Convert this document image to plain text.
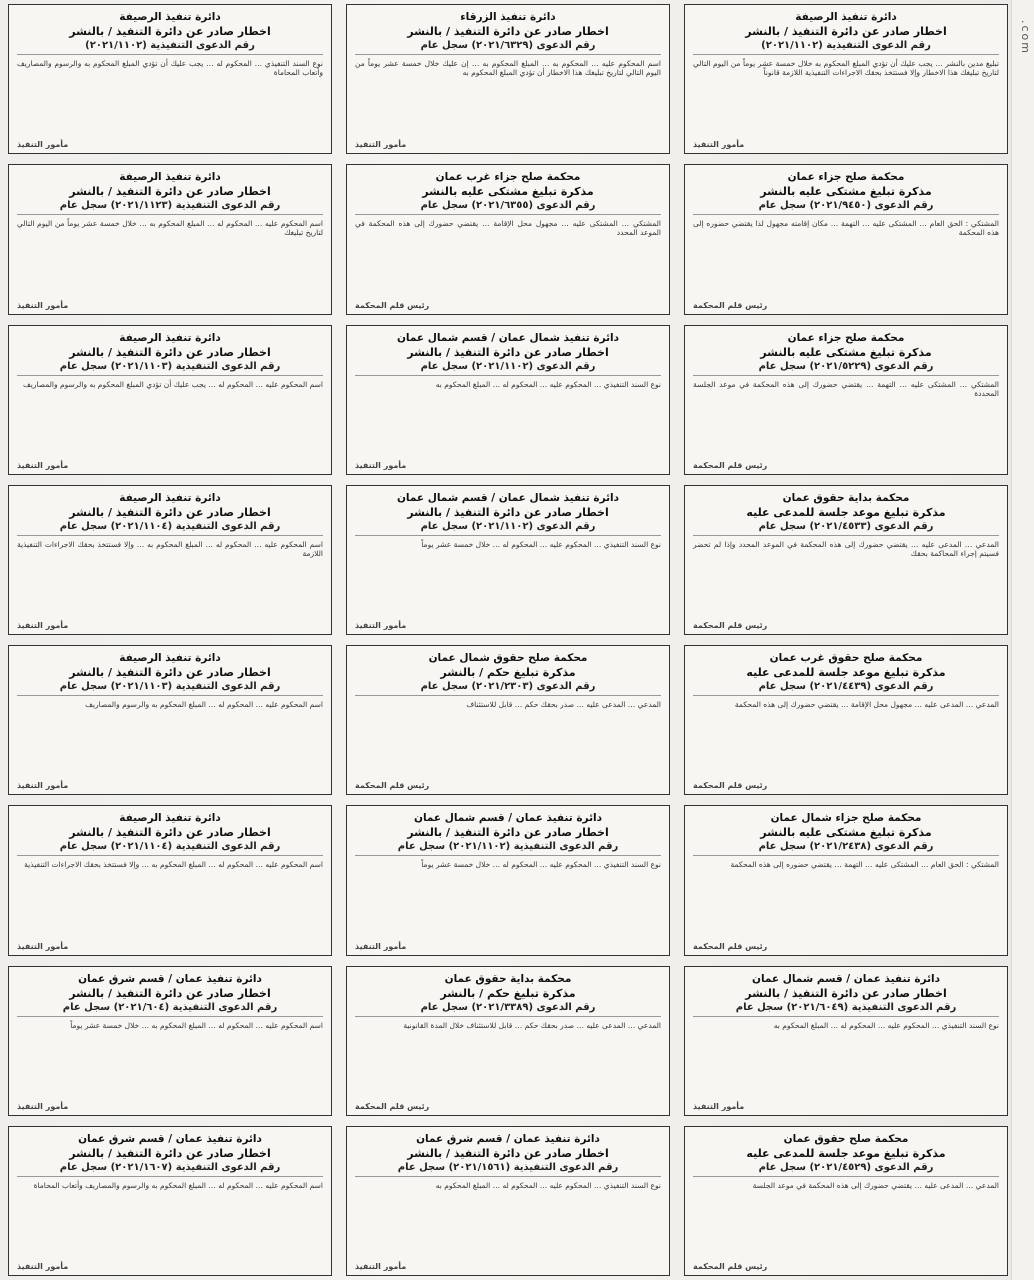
.com
دائرة تنفيذ الرصيفة
اخطار صادر عن دائرة التنفيذ / بالنشر
رقم الدعوى التنفيذية (٢٠٢١/١١٠٢)
تبليغ مدين بالنشر … يجب عليك أن تؤدي المبلغ المحكوم به خلال خمسة عشر يوماً من اليوم التالي لتاريخ تبليغك هذا الاخطار وإلا فستتخذ بحقك الاجراءات التنفيذية اللازمة قانوناً
مأمور التنفيذ
دائرة تنفيذ الزرقاء
اخطار صادر عن دائرة التنفيذ / بالنشر
رقم الدعوى (٢٠٢١/٦٣٢٩) سجل عام
اسم المحكوم عليه … المحكوم به … المبلغ المحكوم به … إن عليك خلال خمسة عشر يوماً من اليوم التالي لتاريخ تبليغك هذا الاخطار أن تؤدي المبلغ المحكوم به
مأمور التنفيذ
دائرة تنفيذ الرصيفة
اخطار صادر عن دائرة التنفيذ / بالنشر
رقم الدعوى التنفيذية (٢٠٢١/١١٠٢)
نوع السند التنفيذي … المحكوم له … يجب عليك أن تؤدي المبلغ المحكوم به والرسوم والمصاريف وأتعاب المحاماة
مأمور التنفيذ
محكمة صلح جزاء عمان
مذكرة تبليغ مشتكى عليه بالنشر
رقم الدعوى (٢٠٢١/٩٤٥٠) سجل عام
المشتكي : الحق العام … المشتكى عليه … التهمة … مكان إقامته مجهول لذا يقتضي حضوره إلى هذه المحكمة
رئيس قلم المحكمة
محكمة صلح جزاء غرب عمان
مذكرة تبليغ مشتكى عليه بالنشر
رقم الدعوى (٢٠٢١/٦٣٥٥) سجل عام
المشتكي … المشتكى عليه … مجهول محل الإقامة … يقتضي حضورك إلى هذه المحكمة في الموعد المحدد
رئيس قلم المحكمة
دائرة تنفيذ الرصيفة
اخطار صادر عن دائرة التنفيذ / بالنشر
رقم الدعوى التنفيذية (٢٠٢١/١١٢٣) سجل عام
اسم المحكوم عليه … المحكوم له … المبلغ المحكوم به … خلال خمسة عشر يوماً من اليوم التالي لتاريخ تبليغك
مأمور التنفيذ
محكمة صلح جزاء عمان
مذكرة تبليغ مشتكى عليه بالنشر
رقم الدعوى (٢٠٢١/٥٢٢٩) سجل عام
المشتكي … المشتكى عليه … التهمة … يقتضي حضورك إلى هذه المحكمة في موعد الجلسة المحددة
رئيس قلم المحكمة
دائرة تنفيذ شمال عمان / قسم شمال عمان
اخطار صادر عن دائرة التنفيذ / بالنشر
رقم الدعوى (٢٠٢١/١١٠٢) سجل عام
نوع السند التنفيذي … المحكوم عليه … المحكوم له … المبلغ المحكوم به
مأمور التنفيذ
دائرة تنفيذ الرصيفة
اخطار صادر عن دائرة التنفيذ / بالنشر
رقم الدعوى التنفيذية (٢٠٢١/١١٠٣) سجل عام
اسم المحكوم عليه … المحكوم له … يجب عليك أن تؤدي المبلغ المحكوم به والرسوم والمصاريف
مأمور التنفيذ
محكمة بداية حقوق عمان
مذكرة تبليغ موعد جلسة للمدعى عليه
رقم الدعوى (٢٠٢١/٤٥٣٣) سجل عام
المدعي … المدعى عليه … يقتضي حضورك إلى هذه المحكمة في الموعد المحدد وإذا لم تحضر فسيتم إجراء المحاكمة بحقك
رئيس قلم المحكمة
دائرة تنفيذ شمال عمان / قسم شمال عمان
اخطار صادر عن دائرة التنفيذ / بالنشر
رقم الدعوى (٢٠٢١/١١٠٢) سجل عام
نوع السند التنفيذي … المحكوم عليه … المحكوم له … خلال خمسة عشر يوماً
مأمور التنفيذ
دائرة تنفيذ الرصيفة
اخطار صادر عن دائرة التنفيذ / بالنشر
رقم الدعوى التنفيذية (٢٠٢١/١١٠٤) سجل عام
اسم المحكوم عليه … المحكوم له … المبلغ المحكوم به … وإلا فستتخذ بحقك الاجراءات التنفيذية اللازمة
مأمور التنفيذ
محكمة صلح حقوق غرب عمان
مذكرة تبليغ موعد جلسة للمدعى عليه
رقم الدعوى (٢٠٢١/٤٤٣٩) سجل عام
المدعي … المدعى عليه … مجهول محل الإقامة … يقتضي حضورك إلى هذه المحكمة
رئيس قلم المحكمة
محكمة صلح حقوق شمال عمان
مذكرة تبليغ حكم / بالنشر
رقم الدعوى (٢٠٢١/٢٣٠٣) سجل عام
المدعي … المدعى عليه … صدر بحقك حكم … قابل للاستئناف
رئيس قلم المحكمة
دائرة تنفيذ الرصيفة
اخطار صادر عن دائرة التنفيذ / بالنشر
رقم الدعوى التنفيذية (٢٠٢١/١١٠٣) سجل عام
اسم المحكوم عليه … المحكوم له … المبلغ المحكوم به والرسوم والمصاريف
مأمور التنفيذ
محكمة صلح جزاء شمال عمان
مذكرة تبليغ مشتكى عليه بالنشر
رقم الدعوى (٢٠٢١/٢٤٣٨) سجل عام
المشتكي : الحق العام … المشتكى عليه … التهمة … يقتضي حضوره إلى هذه المحكمة
رئيس قلم المحكمة
دائرة تنفيذ عمان / قسم شمال عمان
اخطار صادر عن دائرة التنفيذ / بالنشر
رقم الدعوى التنفيذية (٢٠٢١/١١٠٢) سجل عام
نوع السند التنفيذي … المحكوم عليه … المحكوم له … خلال خمسة عشر يوماً
مأمور التنفيذ
دائرة تنفيذ الرصيفة
اخطار صادر عن دائرة التنفيذ / بالنشر
رقم الدعوى التنفيذية (٢٠٢١/١١٠٤) سجل عام
اسم المحكوم عليه … المحكوم له … المبلغ المحكوم به … وإلا فستتخذ بحقك الاجراءات التنفيذية
مأمور التنفيذ
دائرة تنفيذ عمان / قسم شمال عمان
اخطار صادر عن دائرة التنفيذ / بالنشر
رقم الدعوى التنفيذية (٢٠٢١/٦٠٤٩) سجل عام
نوع السند التنفيذي … المحكوم عليه … المحكوم له … المبلغ المحكوم به
مأمور التنفيذ
محكمة بداية حقوق عمان
مذكرة تبليغ حكم / بالنشر
رقم الدعوى (٢٠٢١/٣٣٨٩) سجل عام
المدعي … المدعى عليه … صدر بحقك حكم … قابل للاستئناف خلال المدة القانونية
رئيس قلم المحكمة
دائرة تنفيذ عمان / قسم شرق عمان
اخطار صادر عن دائرة التنفيذ / بالنشر
رقم الدعوى التنفيذية (٢٠٢١/٦٠٤) سجل عام
اسم المحكوم عليه … المحكوم له … المبلغ المحكوم به … خلال خمسة عشر يوماً
مأمور التنفيذ
محكمة صلح حقوق عمان
مذكرة تبليغ موعد جلسة للمدعى عليه
رقم الدعوى (٢٠٢١/٤٥٢٩) سجل عام
المدعي … المدعى عليه … يقتضي حضورك إلى هذه المحكمة في موعد الجلسة
رئيس قلم المحكمة
دائرة تنفيذ عمان / قسم شرق عمان
اخطار صادر عن دائرة التنفيذ / بالنشر
رقم الدعوى التنفيذية (٢٠٢١/١٥٦١) سجل عام
نوع السند التنفيذي … المحكوم عليه … المحكوم له … المبلغ المحكوم به
مأمور التنفيذ
دائرة تنفيذ عمان / قسم شرق عمان
اخطار صادر عن دائرة التنفيذ / بالنشر
رقم الدعوى التنفيذية (٢٠٢١/١٦٠٧) سجل عام
اسم المحكوم عليه … المحكوم له … المبلغ المحكوم به والرسوم والمصاريف وأتعاب المحاماة
مأمور التنفيذ
